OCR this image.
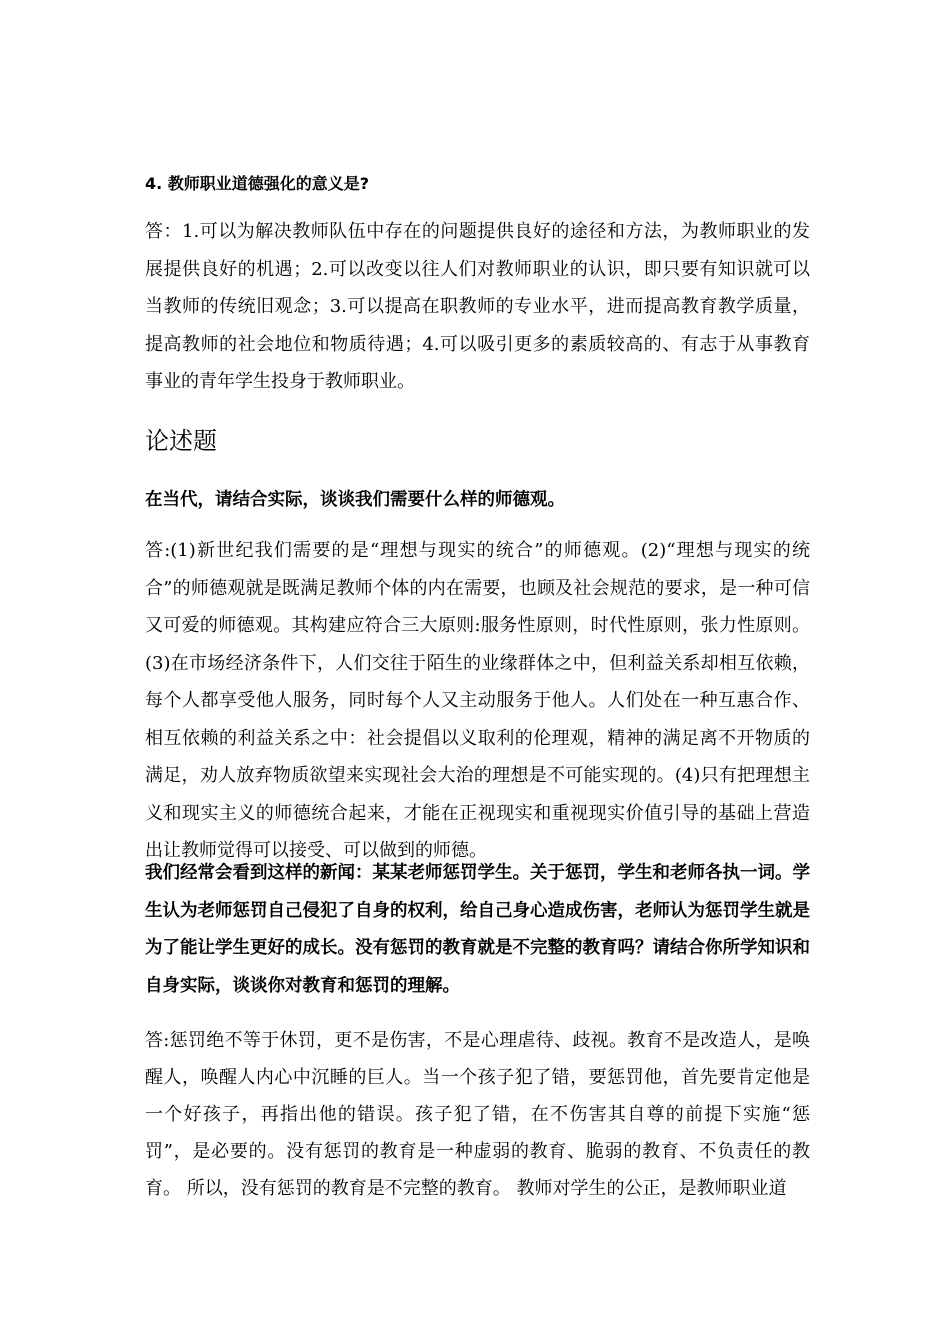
4. 教师职业道德强化的意义是?
答：1.可以为解决教师队伍中存在的问题提供良好的途径和方法，为教师职业的发展提供良好的机遇；2.可以改变以往人们对教师职业的认识，即只要有知识就可以当教师的传统旧观念；3.可以提高在职教师的专业水平，进而提高教育教学质量，提高教师的社会地位和物质待遇；4.可以吸引更多的素质较高的、有志于从事教育事业的青年学生投身于教师职业。
论述题
在当代，请结合实际，谈谈我们需要什么样的师德观。
答:(1)新世纪我们需要的是“理想与现实的统合”的师德观。(2)“理想与现实的统合”的师德观就是既满足教师个体的内在需要，也顾及社会规范的要求，是一种可信又可爱的师德观。其构建应符合三大原则:服务性原则，时代性原则，张力性原则。(3)在市场经济条件下，人们交往于陌生的业缘群体之中，但利益关系却相互依赖，每个人都享受他人服务，同时每个人又主动服务于他人。人们处在一种互惠合作、相互依赖的利益关系之中：社会提倡以义取利的伦理观，精神的满足离不开物质的满足，劝人放弃物质欲望来实现社会大治的理想是不可能实现的。(4)只有把理想主义和现实主义的师德统合起来，才能在正视现实和重视现实价值引导的基础上营造出让教师觉得可以接受、可以做到的师德。
我们经常会看到这样的新闻：某某老师惩罚学生。关于惩罚，学生和老师各执一词。学生认为老师惩罚自己侵犯了自身的权利，给自己身心造成伤害，老师认为惩罚学生就是为了能让学生更好的成长。没有惩罚的教育就是不完整的教育吗？请结合你所学知识和自身实际，谈谈你对教育和惩罚的理解。
答:惩罚绝不等于休罚，更不是伤害，不是心理虐待、歧视。教育不是改造人，是唤醒人，唤醒人内心中沉睡的巨人。当一个孩子犯了错，要惩罚他，首先要肯定他是一个好孩子，再指出他的错误。孩子犯了错，在不伤害其自尊的前提下实施“惩罚”，是必要的。没有惩罚的教育是一种虚弱的教育、脆弱的教育、不负责任的教育。 所以，没有惩罚的教育是不完整的教育。 教师对学生的公正，是教师职业道
